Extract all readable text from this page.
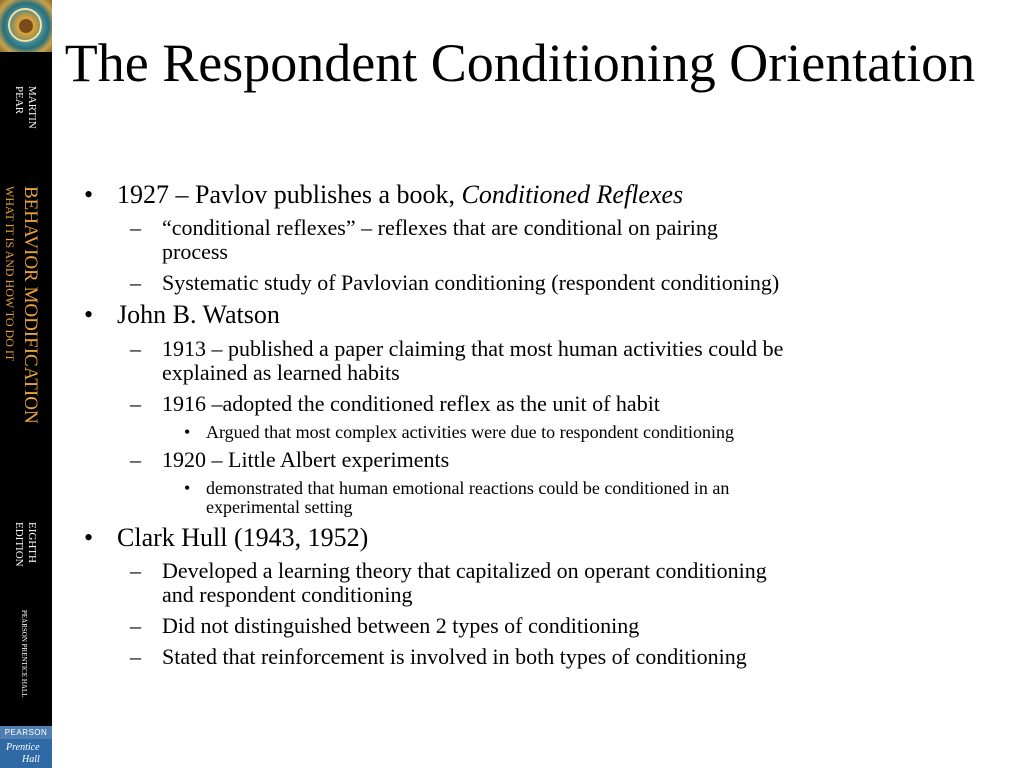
MARTIN
PEAR
BEHAVIOR MODIFICATION
WHAT IT IS AND HOW TO DO IT
EIGHTH
EDITION
PEARSON PRENTICE HALL
PEARSON
Prentice
Hall
The Respondent Conditioning Orientation
• 1927 – Pavlov publishes a book, Conditioned Reflexes
– “conditional reflexes” – reflexes that are conditional on pairing
process
– Systematic study of Pavlovian conditioning (respondent conditioning)
• John B. Watson
– 1913 – published a paper claiming that most human activities could be
explained as learned habits
– 1916 –adopted the conditioned reflex as the unit of habit
• Argued that most complex activities were due to respondent conditioning
– 1920 – Little Albert experiments
• demonstrated that human emotional reactions could be conditioned in an
experimental setting
• Clark Hull (1943, 1952)
– Developed a learning theory that capitalized on operant conditioning
and respondent conditioning
– Did not distinguished between 2 types of conditioning
– Stated that reinforcement is involved in both types of conditioning
